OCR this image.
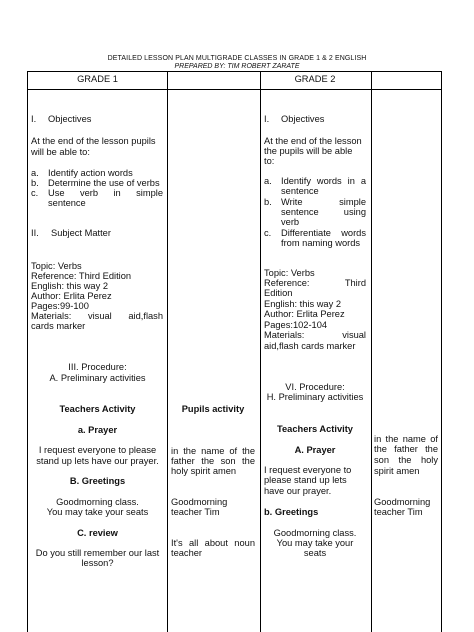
DETAILED LESSON PLAN MULTIGRADE CLASSES IN GRADE 1 & 2 ENGLISH
PREPARED BY: TIM ROBERT ZARATE
GRADE 1
I. Objectives
At the end of the lesson pupils
will be able to:
a. Identify action words
b. Determine the use of verbs
c. Use verb in simple
sentence
II. Subject Matter
Topic: Verbs
Reference: Third Edition
English: this way 2
Author: Erlita Perez
Pages:99-100
Materials: visual aid,flash
cards marker
III. Procedure:
A. Preliminary activities
Teachers Activity
a. Prayer
I request everyone to please
stand up lets have our prayer.
B. Greetings
Goodmorning class.
You may take your seats
C. review
Do you still remember our last
lesson?
Pupils activity
in the name of the
father the son the
holy spirit amen
Goodmorning
teacher Tim
It's all about noun
teacher
GRADE 2
I. Objectives
At the end of the lesson
the pupils will be able
to:
a. Identify words in a
sentence
b. Write simple
sentence using
verb
c. Differentiate words
from naming words
Topic: Verbs
Reference: Third
Edition
English: this way 2
Author: Erlita Perez
Pages:102-104
Materials: visual
aid,flash cards marker
VI. Procedure:
H. Preliminary activities
Teachers Activity
A. Prayer
I request everyone to
please stand up lets
have our prayer.
b. Greetings
Goodmorning class.
You may take your
seats
in the name of
the father the
son the holy
spirit amen
Goodmorning
teacher Tim
